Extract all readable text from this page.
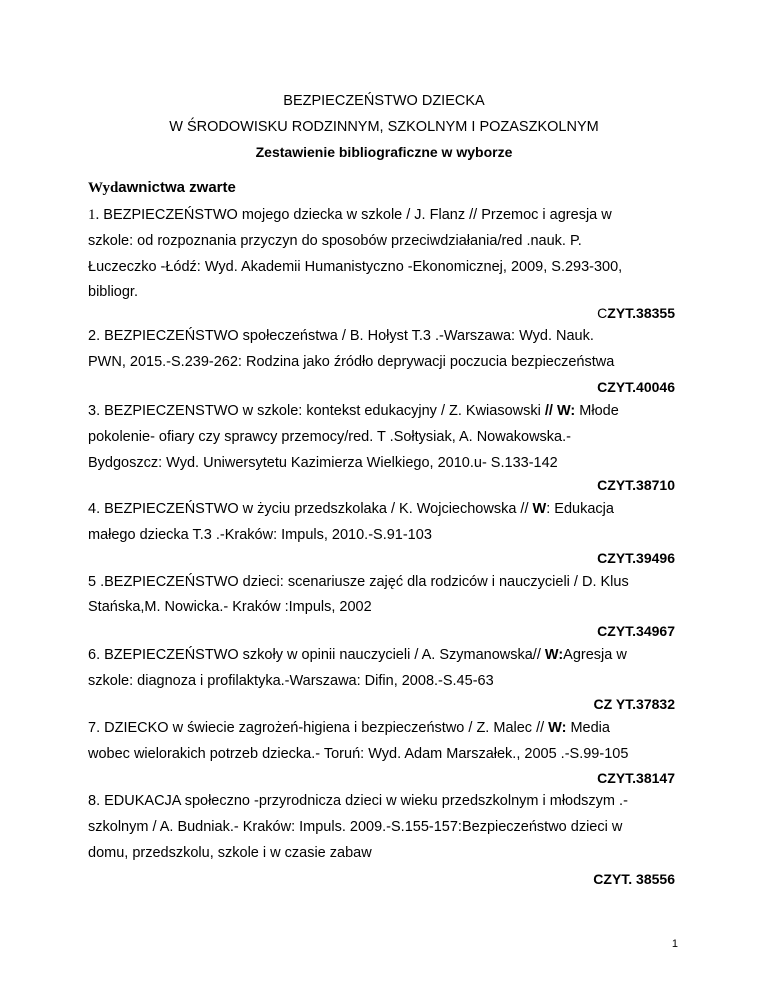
BEZPIECZEŃSTWO DZIECKA
W ŚRODOWISKU RODZINNYM, SZKOLNYM I POZASZKOLNYM
Zestawienie bibliograficzne w wyborze
Wydawnictwa zwarte
1. BEZPIECZEŃSTWO mojego dziecka w szkole / J. Flanz // Przemoc i agresja w
szkole: od rozpoznania przyczyn do sposobów przeciwdziałania/red .nauk. P.
Łuczeczko -Łódź: Wyd. Akademii Humanistyczno -Ekonomicznej, 2009, S.293-300,
bibliogr.
CZYT.38355
2. BEZPIECZEŃSTWO społeczeństwa / B. Hołyst T.3 .-Warszawa: Wyd. Nauk.
PWN, 2015.-S.239-262: Rodzina jako źródło deprywacji poczucia bezpieczeństwa
CZYT.40046
3. BEZPIECZENSTWO w szkole: kontekst edukacyjny / Z. Kwiasowski // W: Młode
pokolenie- ofiary czy sprawcy przemocy/red. T .Sołtysiak, A. Nowakowska.-
Bydgoszcz: Wyd. Uniwersytetu Kazimierza Wielkiego, 2010.u- S.133-142
CZYT.38710
4. BEZPIECZEŃSTWO w życiu przedszkolaka / K. Wojciechowska // W: Edukacja
małego dziecka T.3 .-Kraków: Impuls, 2010.-S.91-103
CZYT.39496
5 .BEZPIECZEŃSTWO dzieci: scenariusze zajęć dla rodziców i nauczycieli / D. Klus
Stańska,M. Nowicka.- Kraków :Impuls, 2002
CZYT.34967
6. BZEPIECZEŃSTWO szkoły w opinii nauczycieli / A. Szymanowska// W:Agresja w
szkole: diagnoza i profilaktyka.-Warszawa: Difin, 2008.-S.45-63
CZ YT.37832
7. DZIECKO w świecie zagrożeń-higiena i bezpieczeństwo / Z. Malec // W: Media
wobec wielorakich potrzeb dziecka.- Toruń: Wyd. Adam Marszałek., 2005 .-S.99-105
CZYT.38147
8. EDUKACJA społeczno -przyrodnicza dzieci w wieku przedszkolnym i młodszym .-
szkolnym / A. Budniak.- Kraków: Impuls. 2009.-S.155-157:Bezpieczeństwo dzieci w
domu, przedszkolu, szkole i w czasie zabaw
CZYT. 38556
1
